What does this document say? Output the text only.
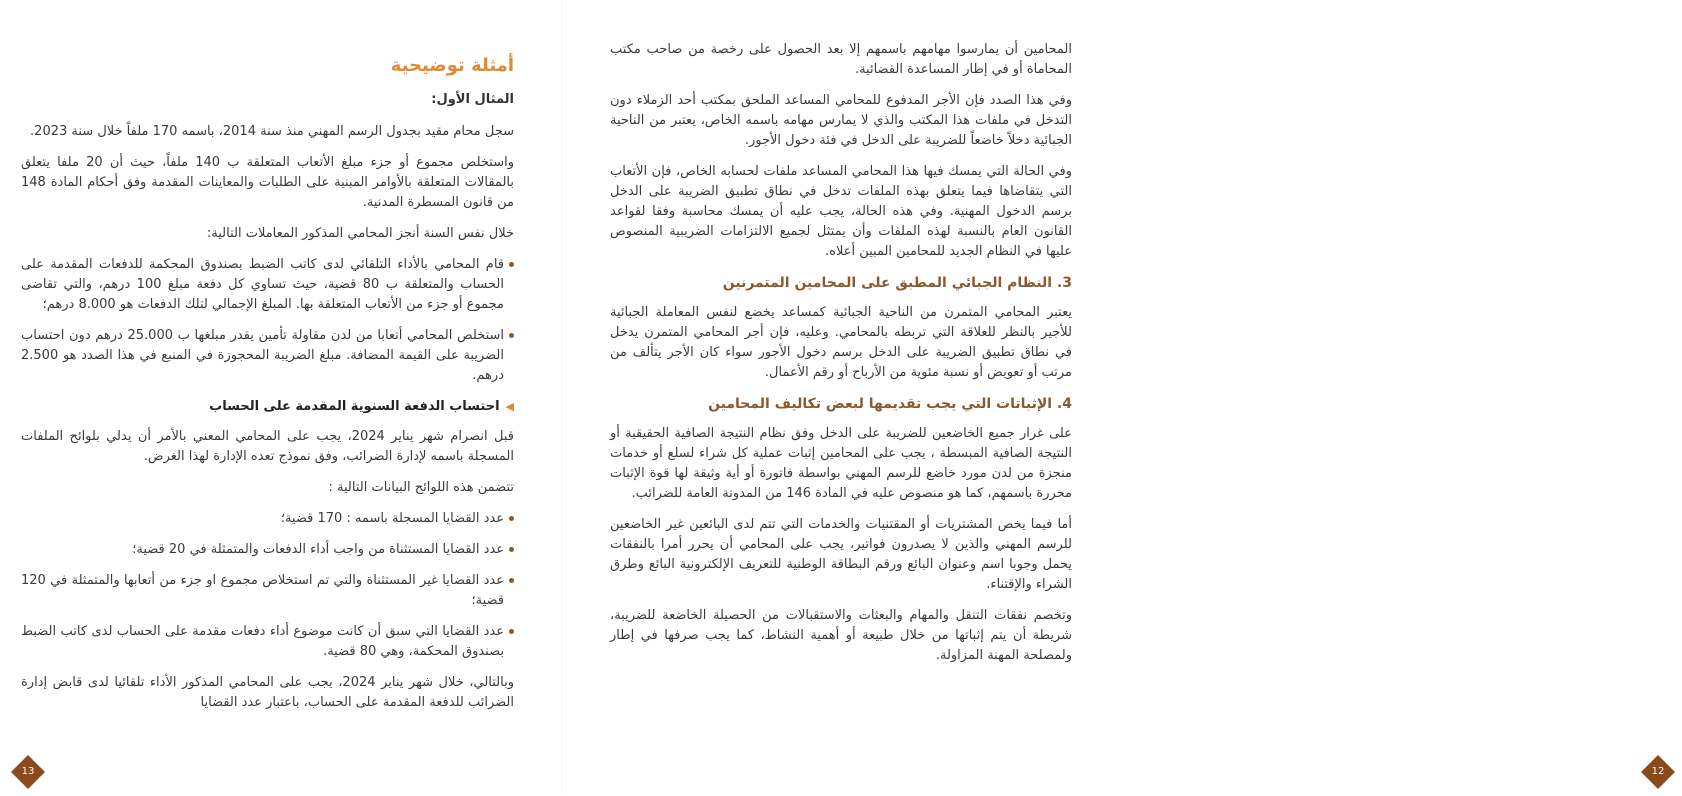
أمثلة توضيحية
المثال الأول:

سجل محام مقيد بجدول الرسم المهني منذ سنة 2014، باسمه 170 ملفاً خلال سنة 2023.

واستخلص مجموع أو جزء مبلغ الأتعاب المتعلقة ب 140 ملفاً، حيث أن 20 ملفا يتعلق بالمقالات المتعلقة بالأوامر المبنية على الطلبات والمعاينات المقدمة وفق أحكام المادة 148 من قانون المسطرة المدنية.

خلال نفس السنة أنجز المحامي المذكور المعاملات التالية:

قام المحامي بالأداء التلقائي لدى كاتب الضبط بصندوق المحكمة للدفعات المقدمة على الحساب والمتعلقة ب 80 قضية، حيث تساوي كل دفعة مبلغ 100 درهم، والتي تقاضى مجموع أو جزء من الأتعاب المتعلقة بها. المبلغ الإجمالي لتلك الدفعات هو 8.000 درهم؛
استخلص المحامي أتعابا من لدن مقاولة تأمين يقدر مبلغها ب 25.000 درهم دون احتساب الضريبة على القيمة المضافة. مبلغ الضريبة المحجوزة في المنبع في هذا الصدد هو 2.500 درهم.
◀احتساب الدفعة السنوية المقدمة على الحساب

قبل انصرام شهر يناير 2024، يجب على المحامي المعني بالأمر أن يدلي بلوائح الملفات المسجلة باسمه لإدارة الضرائب، وفق نموذج تعده الإدارة لهذا الغرض.

تتضمن هذه اللوائح البيانات التالية :

عدد القضايا المسجلة باسمه : 170 قضية؛
عدد القضايا المستثناة من واجب أداء الدفعات والمتمثلة في 20 قضية؛
عدد القضايا غير المستثناة والتي تم استخلاص مجموع او جزء من أتعابها والمتمثلة في 120 قضية؛
عدد القضايا التي سبق أن كانت موضوع أداء دفعات مقدمة على الحساب لدى كاتب الضبط بصندوق المحكمة، وهي 80 قضية.

وبالتالي، خلال شهر يناير 2024، يجب على المحامي المذكور الأداء تلقائيا لدى قابض إدارة الضرائب للدفعة المقدمة على الحساب، باعتبار عدد القضايا

13

المحامين أن يمارسوا مهامهم باسمهم إلا بعد الحصول على رخصة من صاحب مكتب المحاماة أو في إطار المساعدة القضائية.

وفي هذا الصدد فإن الأجر المدفوع للمحامي المساعد الملحق بمكتب أحد الزملاء دون التدخل في ملفات هذا المكتب والذي لا يمارس مهامه باسمه الخاص، يعتبر من الناحية الجبائية دخلاً خاضعاً للضريبة على الدخل في فئة دخول الأجور.

وفي الحالة التي يمسك فيها هذا المحامي المساعد ملفات لحسابه الخاص، فإن الأتعاب التي يتقاضاها فيما يتعلق بهذه الملفات تدخل في نطاق تطبيق الضريبة على الدخل برسم الدخول المهنية. وفي هذه الحالة، يجب عليه أن يمسك محاسبة وفقا لقواعد القانون العام بالنسبة لهذه الملفات وأن يمتثل لجميع الالتزامات الضريبية المنصوص عليها في النظام الجديد للمحامين المبين أعلاه.

3. النظام الجبائي المطبق على المحامين المتمرنين

يعتبر المحامي المتمرن من الناحية الجبائية كمساعد يخضع لنفس المعاملة الجبائية للأجير بالنظر للعلاقة التي تربطه بالمحامي. وعليه، فإن أجر المحامي المتمرن يدخل في نطاق تطبيق الضريبة على الدخل برسم دخول الأجور سواء كان الأجر يتألف من مرتب أو تعويض أو نسبة مئوية من الأرباح أو رقم الأعمال.

4. الإثباتات التي يجب تقديمها لبعض تكاليف المحامين

على غرار جميع الخاضعين للضريبة على الدخل وفق نظام النتيجة الصافية الحقيقية أو النتيجة الصافية المبسطة ، يجب على المحامين إثبات عملية كل شراء لسلع أو خدمات منجزة من لدن مورد خاضع للرسم المهني بواسطة فاتورة أو أية وثيقة لها قوة الإثبات محررة باسمهم، كما هو منصوص عليه في المادة 146 من المدونة العامة للضرائب.

أما فيما يخص المشتريات أو المقتنيات والخدمات التي تتم لدى البائعين غير الخاضعين للرسم المهني والذين لا يصدرون فواتير، يجب على المحامي أن يحرر أمرا بالنفقات يحمل وجوبا اسم وعنوان البائع ورقم البطاقة الوطنية للتعريف الإلكترونية البائع وطرق الشراء والإقتناء.

وتخصم نفقات التنقل والمهام والبعثات والاستقبالات من الحصيلة الخاضعة للضريبة، شريطة أن يتم إثباتها من خلال طبيعة أو أهمية النشاط، كما يجب صرفها في إطار ولمصلحة المهنة المزاولة.

12
